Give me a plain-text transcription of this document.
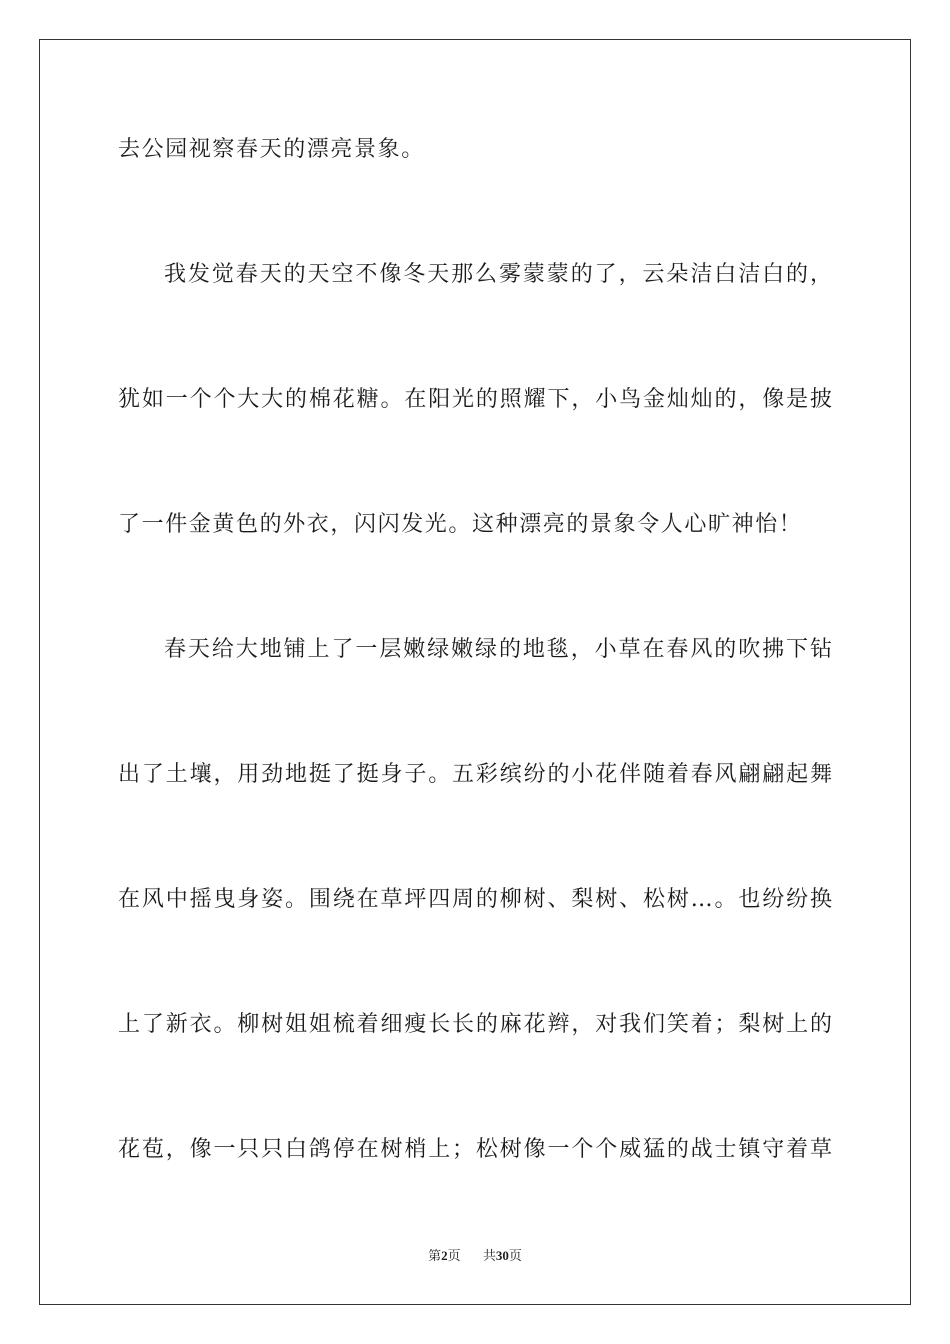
去公园视察春天的漂亮景象。
我发觉春天的天空不像冬天那么雾蒙蒙的了，云朵洁白洁白的，
犹如一个个大大的棉花糖。在阳光的照耀下，小鸟金灿灿的，像是披
了一件金黄色的外衣，闪闪发光。这种漂亮的景象令人心旷神怡！
春天给大地铺上了一层嫩绿嫩绿的地毯，小草在春风的吹拂下钻
出了土壤，用劲地挺了挺身子。五彩缤纷的小花伴随着春风翩翩起舞
在风中摇曳身姿。围绕在草坪四周的柳树、梨树、松树…。也纷纷换
上了新衣。柳树姐姐梳着细瘦长长的麻花辫，对我们笑着；梨树上的
花苞，像一只只白鸽停在树梢上；松树像一个个威猛的战士镇守着草
第2页 共30页
